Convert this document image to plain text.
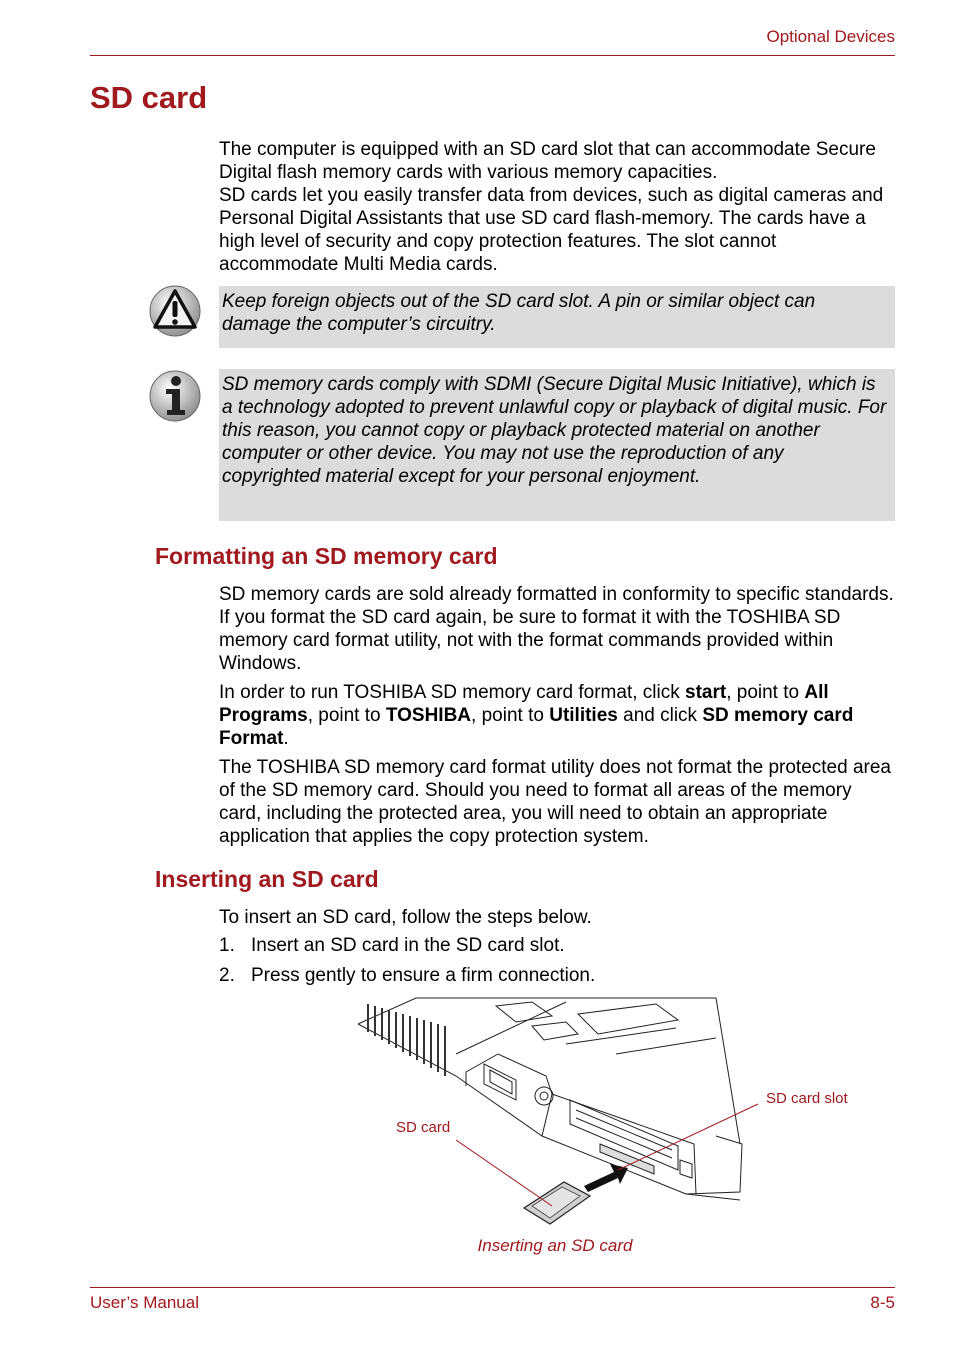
Optional Devices
SD card

The computer is equipped with an SD card slot that can accommodate Secure Digital flash memory cards with various memory capacities.

SD cards let you easily transfer data from devices, such as digital cameras and Personal Digital Assistants that use SD card flash-memory. The cards have a high level of security and copy protection features. The slot cannot accommodate Multi Media cards.

Keep foreign objects out of the SD card slot. A pin or similar object can damage the computer’s circuitry.
SD memory cards comply with SDMI (Secure Digital Music Initiative), which is a technology adopted to prevent unlawful copy or playback of digital music. For this reason, you cannot copy or playback protected material on another computer or other device. You may not use the reproduction of any copyrighted material except for your personal enjoyment.
Formatting an SD memory card

SD memory cards are sold already formatted in conformity to specific standards. If you format the SD card again, be sure to format it with the TOSHIBA SD memory card format utility, not with the format commands provided within Windows.

In order to run TOSHIBA SD memory card format, click start, point to All Programs, point to TOSHIBA, point to Utilities and click SD memory card Format.

The TOSHIBA SD memory card format utility does not format the protected area of the SD memory card. Should you need to format all areas of the memory card, including the protected area, you will need to obtain an appropriate application that applies the copy protection system.

Inserting an SD card

To insert an SD card, follow the steps below.

1. Insert an SD card in the SD card slot.
2. Press gently to ensure a firm connection.
SD card
SD card slot
Inserting an SD card
User’s Manual	8-5
